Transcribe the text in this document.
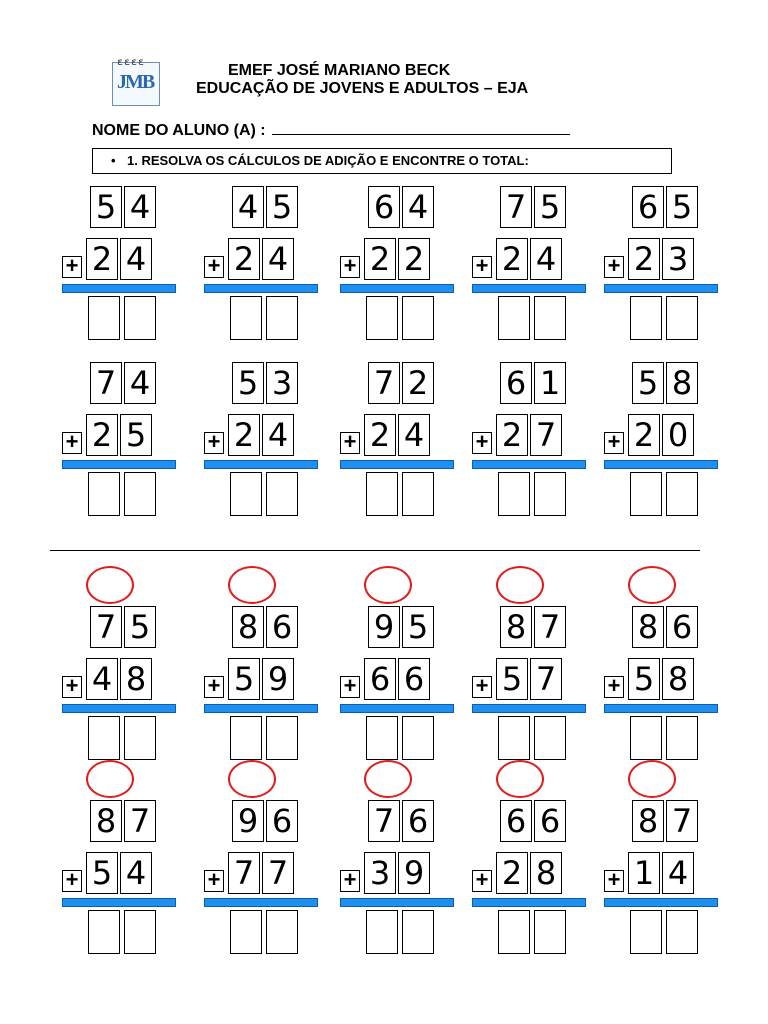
ɛɛɛɛ
JMB
EMEF JOSÉ MARIANO BECK
EDUCAÇÃO DE JOVENS E ADULTOS – EJA
NOME DO ALUNO (A) :
• 1. RESOLVA OS CÁLCULOS DE ADIÇÃO E ENCONTRE O TOTAL:
5 4
+ 2 4
4 5
+ 2 4
6 4
+ 2 2
7 5
+ 2 4
6 5
+ 2 3
7 4
+ 2 5
5 3
+ 2 4
7 2
+ 2 4
6 1
+ 2 7
5 8
+ 2 0
7 5
+ 4 8
8 6
+ 5 9
9 5
+ 6 6
8 7
+ 5 7
8 6
+ 5 8
8 7
+ 5 4
9 6
+ 7 7
7 6
+ 3 9
6 6
+ 2 8
8 7
+ 1 4
